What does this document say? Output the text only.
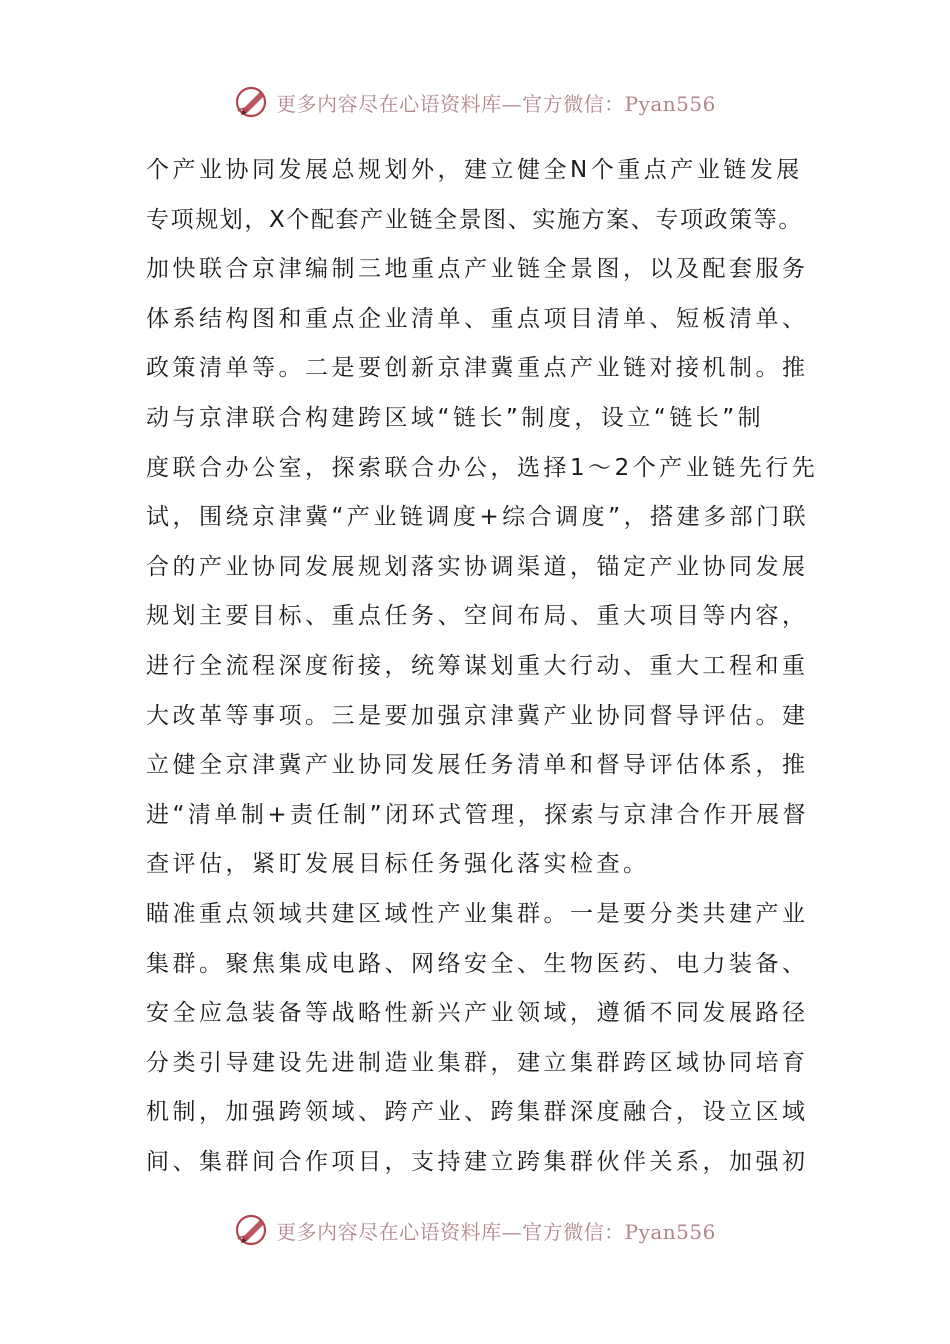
更多内容尽在心语资料库—官方微信：Pyan556
个产业协同发展总规划外，建立健全N个重点产业链发展
专项规划，X个配套产业链全景图、实施方案、专项政策等。
加快联合京津编制三地重点产业链全景图，以及配套服务
体系结构图和重点企业清单、重点项目清单、短板清单、
政策清单等。二是要创新京津冀重点产业链对接机制。推
动与京津联合构建跨区域“链长”制度，设立“链长”制
度联合办公室，探索联合办公，选择1～2个产业链先行先
试，围绕京津冀“产业链调度+综合调度”，搭建多部门联
合的产业协同发展规划落实协调渠道，锚定产业协同发展
规划主要目标、重点任务、空间布局、重大项目等内容，
进行全流程深度衔接，统筹谋划重大行动、重大工程和重
大改革等事项。三是要加强京津冀产业协同督导评估。建
立健全京津冀产业协同发展任务清单和督导评估体系，推
进“清单制+责任制”闭环式管理，探索与京津合作开展督
查评估，紧盯发展目标任务强化落实检查。
瞄准重点领域共建区域性产业集群。一是要分类共建产业
集群。聚焦集成电路、网络安全、生物医药、电力装备、
安全应急装备等战略性新兴产业领域，遵循不同发展路径
分类引导建设先进制造业集群，建立集群跨区域协同培育
机制，加强跨领域、跨产业、跨集群深度融合，设立区域
间、集群间合作项目，支持建立跨集群伙伴关系，加强初
更多内容尽在心语资料库—官方微信：Pyan556
